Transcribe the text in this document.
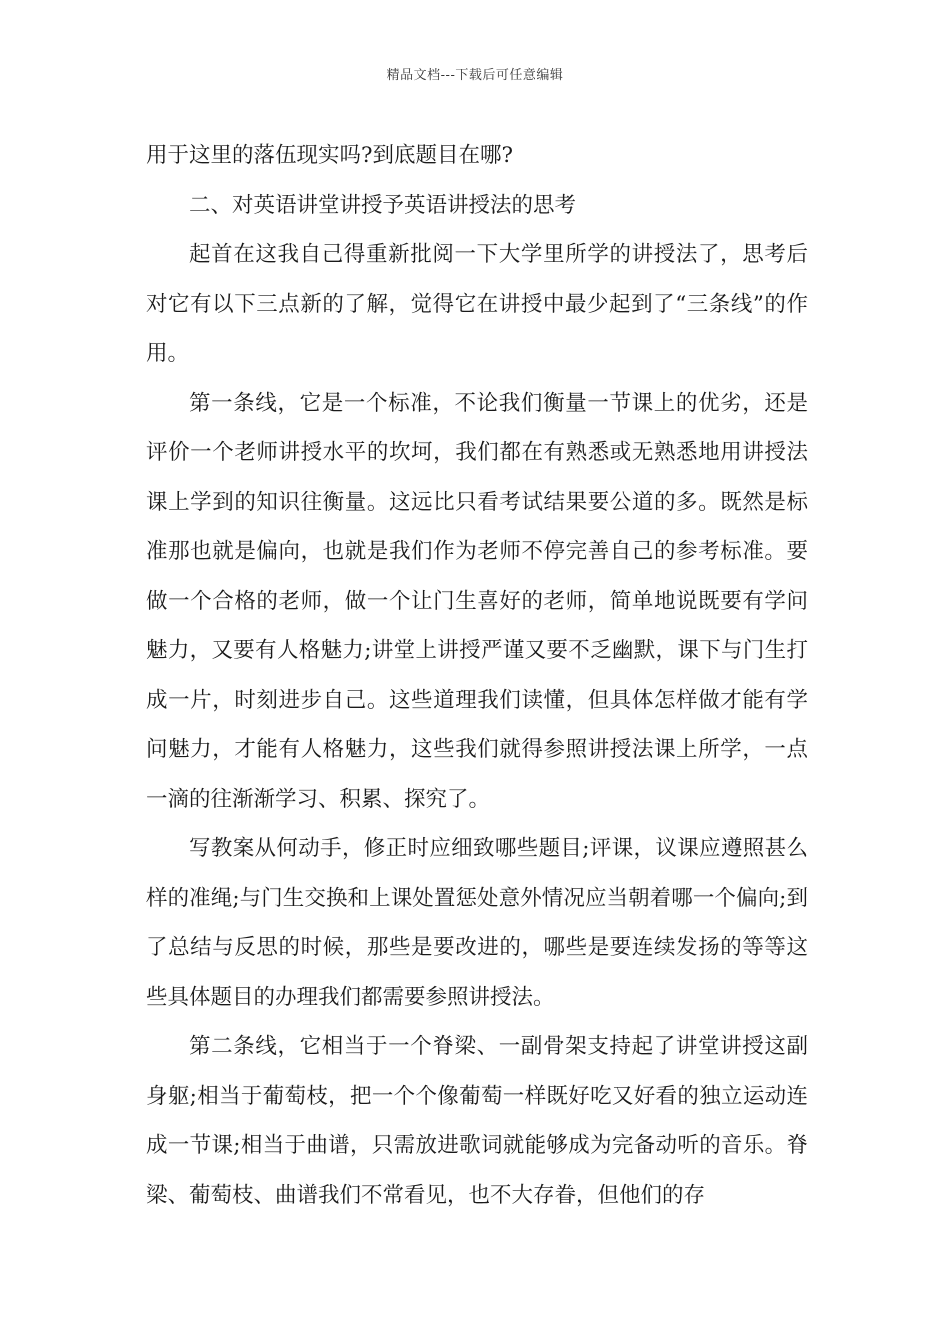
精品文档---下载后可任意编辑

用于这里的落伍现实吗?到底题目在哪?

二、对英语讲堂讲授予英语讲授法的思考

起首在这我自己得重新批阅一下大学里所学的讲授法了，思考后对它有以下三点新的了解，觉得它在讲授中最少起到了“三条线”的作用。

第一条线，它是一个标准，不论我们衡量一节课上的优劣，还是评价一个老师讲授水平的坎坷，我们都在有熟悉或无熟悉地用讲授法课上学到的知识往衡量。这远比只看考试结果要公道的多。既然是标准那也就是偏向，也就是我们作为老师不停完善自己的参考标准。要做一个合格的老师，做一个让门生喜好的老师，简单地说既要有学问魅力，又要有人格魅力;讲堂上讲授严谨又要不乏幽默，课下与门生打成一片，时刻进步自己。这些道理我们读懂，但具体怎样做才能有学问魅力，才能有人格魅力，这些我们就得参照讲授法课上所学，一点一滴的往渐渐学习、积累、探究了。

写教案从何动手，修正时应细致哪些题目;评课，议课应遵照甚么样的准绳;与门生交换和上课处置惩处意外情况应当朝着哪一个偏向;到了总结与反思的时候，那些是要改进的，哪些是要连续发扬的等等这些具体题目的办理我们都需要参照讲授法。

第二条线，它相当于一个脊梁、一副骨架支持起了讲堂讲授这副身躯;相当于葡萄枝，把一个个像葡萄一样既好吃又好看的独立运动连成一节课;相当于曲谱，只需放进歌词就能够成为完备动听的音乐。脊梁、葡萄枝、曲谱我们不常看见，也不大存眷，但他们的存
